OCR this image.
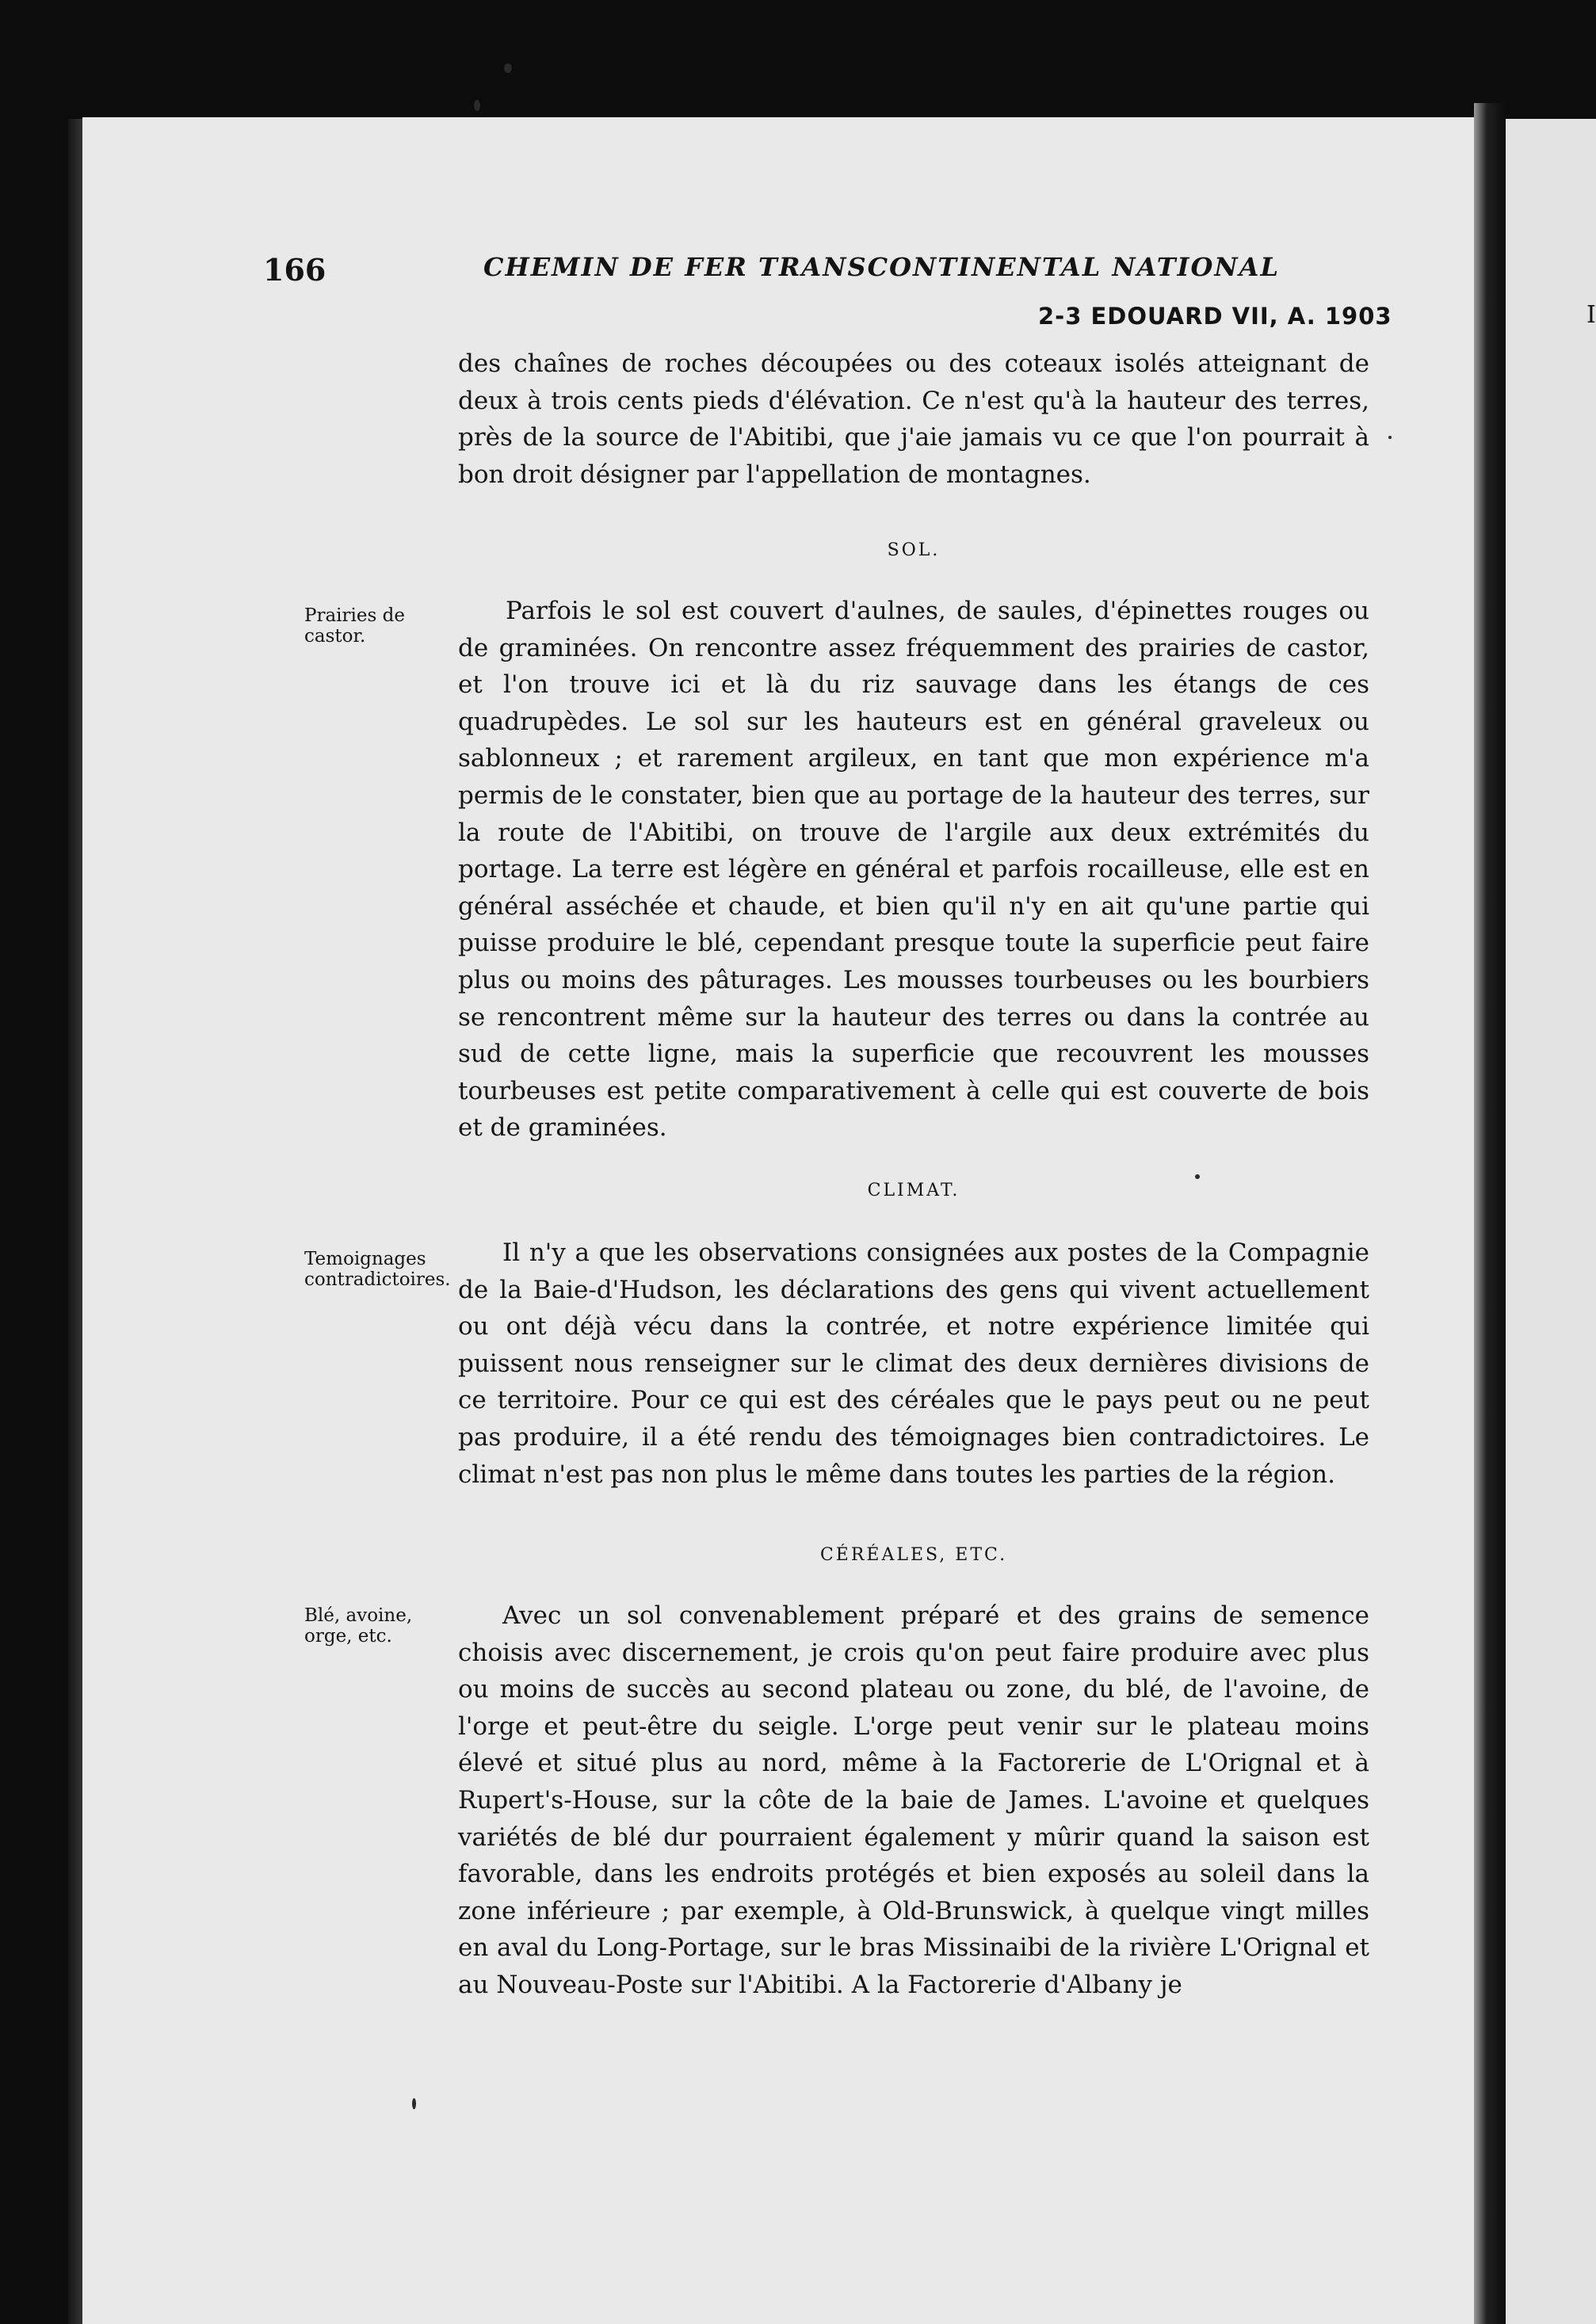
I
166	CHEMIN DE FER TRANSCONTINENTAL NATIONAL
2-3 EDOUARD VII, A. 1903

des chaînes de roches découpées ou des coteaux isolés atteignant de deux à trois cents pieds d'élévation. Ce n'est qu'à la hauteur des terres, près de la source de l'Abitibi, que j'aie jamais vu ce que l'on pourrait à bon droit désigner par l'appellation de montagnes.

SOL.

Prairies de castor.

Parfois le sol est couvert d'aulnes, de saules, d'épinettes rouges ou de graminées. On rencontre assez fréquemment des prairies de castor, et l'on trouve ici et là du riz sauvage dans les étangs de ces quadrupèdes. Le sol sur les hauteurs est en général graveleux ou sablonneux ; et rarement argileux, en tant que mon expérience m'a permis de le constater, bien que au portage de la hauteur des terres, sur la route de l'Abitibi, on trouve de l'argile aux deux extrémités du portage. La terre est légère en général et parfois rocailleuse, elle est en général asséchée et chaude, et bien qu'il n'y en ait qu'une partie qui puisse produire le blé, cependant presque toute la superficie peut faire plus ou moins des pâturages. Les mousses tourbeuses ou les bourbiers se rencontrent même sur la hauteur des terres ou dans la contrée au sud de cette ligne, mais la superficie que recouvrent les mousses tourbeuses est petite comparativement à celle qui est couverte de bois et de graminées.

CLIMAT.

Temoignages contradictoires.

Il n'y a que les observations consignées aux postes de la Compagnie de la Baie-d'Hudson, les déclarations des gens qui vivent actuellement ou ont déjà vécu dans la contrée, et notre expérience limitée qui puissent nous renseigner sur le climat des deux dernières divisions de ce territoire. Pour ce qui est des céréales que le pays peut ou ne peut pas produire, il a été rendu des témoignages bien contradictoires. Le climat n'est pas non plus le même dans toutes les parties de la région.

CÉRÉALES, ETC.

Blé, avoine, orge, etc.

Avec un sol convenablement préparé et des grains de semence choisis avec discernement, je crois qu'on peut faire produire avec plus ou moins de succès au second plateau ou zone, du blé, de l'avoine, de l'orge et peut-être du seigle. L'orge peut venir sur le plateau moins élevé et situé plus au nord, même à la Factorerie de L'Orignal et à Rupert's-House, sur la côte de la baie de James. L'avoine et quelques variétés de blé dur pourraient également y mûrir quand la saison est favorable, dans les endroits protégés et bien exposés au soleil dans la zone inférieure ; par exemple, à Old-Brunswick, à quelque vingt milles en aval du Long-Portage, sur le bras Missinaibi de la rivière L'Orignal et au Nouveau-Poste sur l'Abitibi. A la Factorerie d'Albany je
